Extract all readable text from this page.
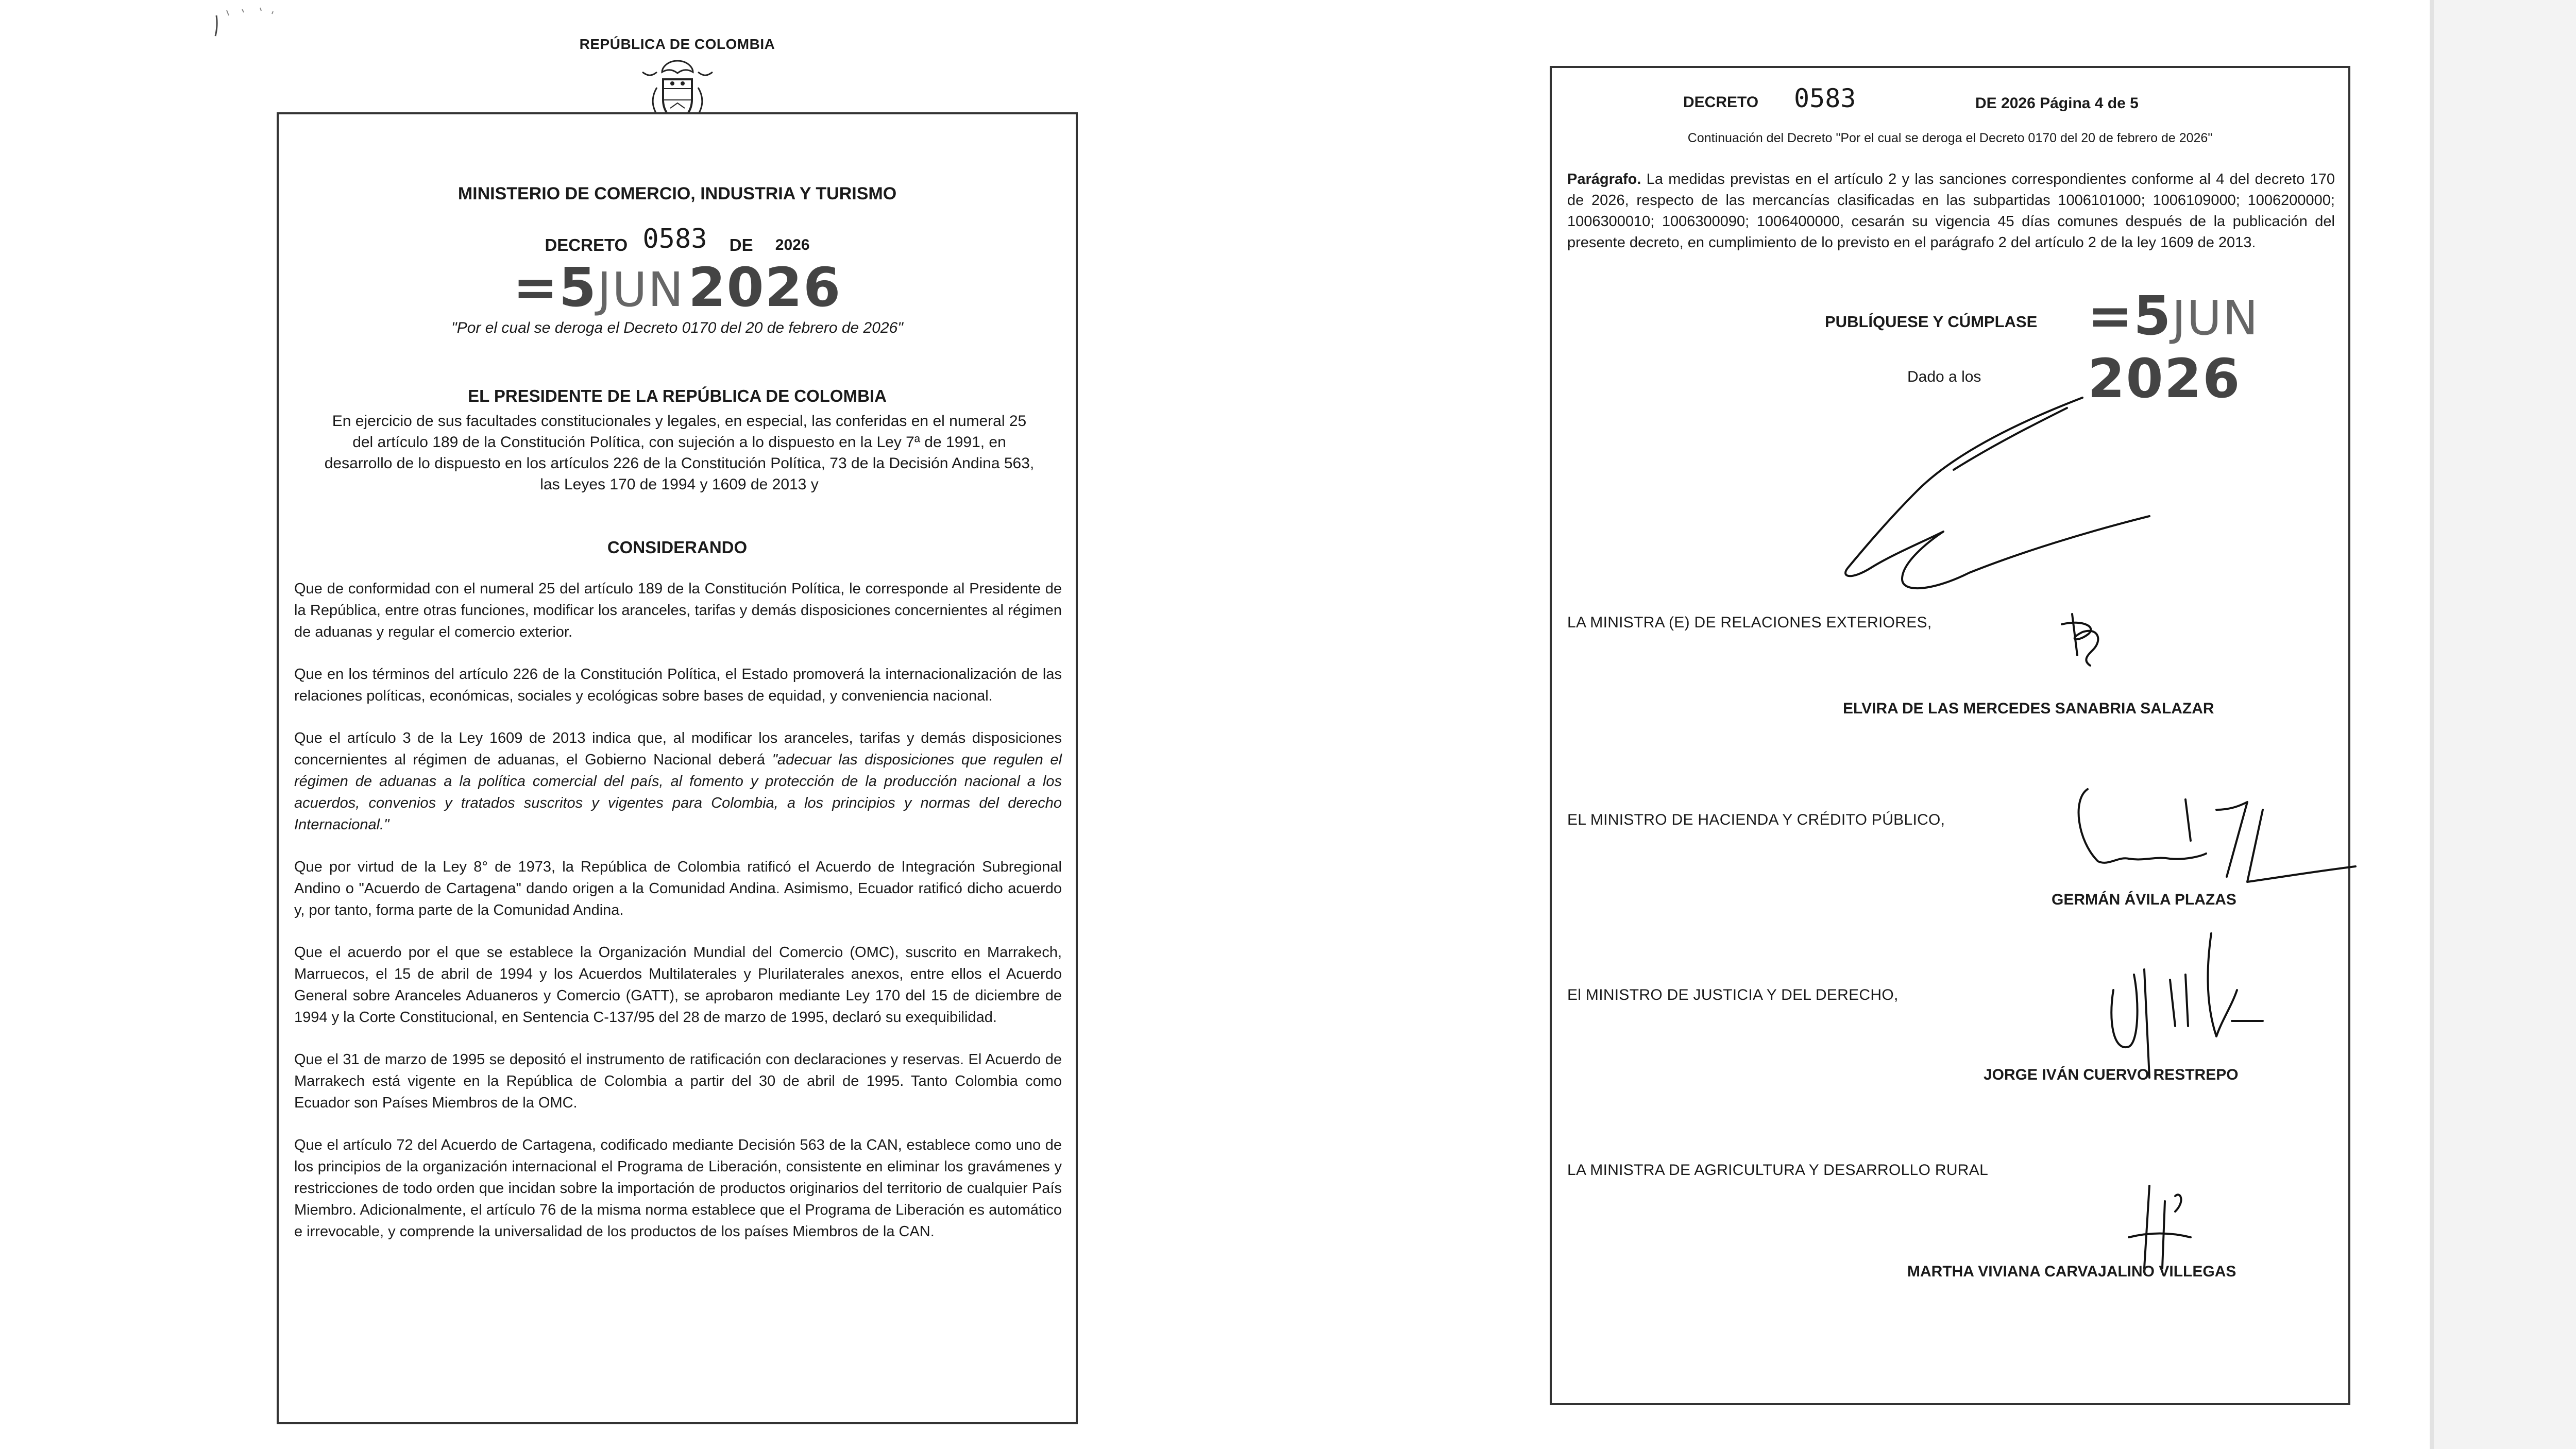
REPÚBLICA DE COLOMBIA
MINISTERIO DE COMERCIO, INDUSTRIA Y TURISMO
DECRETO 0583 DE 2026
=5JUN 2026
"Por el cual se deroga el Decreto 0170 del 20 de febrero de 2026"
EL PRESIDENTE DE LA REPÚBLICA DE COLOMBIA
En ejercicio de sus facultades constitucionales y legales, en especial, las conferidas en el numeral 25 del artículo 189 de la Constitución Política, con sujeción a lo dispuesto en la Ley 7ª de 1991, en desarrollo de lo dispuesto en los artículos 226 de la Constitución Política, 73 de la Decisión Andina 563, las Leyes 170 de 1994 y 1609 de 2013 y
CONSIDERANDO

Que de conformidad con el numeral 25 del artículo 189 de la Constitución Política, le corresponde al Presidente de la República, entre otras funciones, modificar los aranceles, tarifas y demás disposiciones concernientes al régimen de aduanas y regular el comercio exterior.

Que en los términos del artículo 226 de la Constitución Política, el Estado promoverá la internacionalización de las relaciones políticas, económicas, sociales y ecológicas sobre bases de equidad, y conveniencia nacional.

Que el artículo 3 de la Ley 1609 de 2013 indica que, al modificar los aranceles, tarifas y demás disposiciones concernientes al régimen de aduanas, el Gobierno Nacional deberá "adecuar las disposiciones que regulen el régimen de aduanas a la política comercial del país, al fomento y protección de la producción nacional a los acuerdos, convenios y tratados suscritos y vigentes para Colombia, a los principios y normas del derecho Internacional."

Que por virtud de la Ley 8° de 1973, la República de Colombia ratificó el Acuerdo de Integración Subregional Andino o "Acuerdo de Cartagena" dando origen a la Comunidad Andina. Asimismo, Ecuador ratificó dicho acuerdo y, por tanto, forma parte de la Comunidad Andina.

Que el acuerdo por el que se establece la Organización Mundial del Comercio (OMC), suscrito en Marrakech, Marruecos, el 15 de abril de 1994 y los Acuerdos Multilaterales y Plurilaterales anexos, entre ellos el Acuerdo General sobre Aranceles Aduaneros y Comercio (GATT), se aprobaron mediante Ley 170 del 15 de diciembre de 1994 y la Corte Constitucional, en Sentencia C-137/95 del 28 de marzo de 1995, declaró su exequibilidad.

Que el 31 de marzo de 1995 se depositó el instrumento de ratificación con declaraciones y reservas. El Acuerdo de Marrakech está vigente en la República de Colombia a partir del 30 de abril de 1995. Tanto Colombia como Ecuador son Países Miembros de la OMC.

Que el artículo 72 del Acuerdo de Cartagena, codificado mediante Decisión 563 de la CAN, establece como uno de los principios de la organización internacional el Programa de Liberación, consistente en eliminar los gravámenes y restricciones de todo orden que incidan sobre la importación de productos originarios del territorio de cualquier País Miembro. Adicionalmente, el artículo 76 de la misma norma establece que el Programa de Liberación es automático e irrevocable, y comprende la universalidad de los productos de los países Miembros de la CAN.

DECRETO 0583	DE 2026 Página 4 de 5
Continuación del Decreto "Por el cual se deroga el Decreto 0170 del 20 de febrero de 2026"
Parágrafo. La medidas previstas en el artículo 2 y las sanciones correspondientes conforme al 4 del decreto 170 de 2026, respecto de las mercancías clasificadas en las subpartidas 1006101000; 1006109000; 1006200000; 1006300010; 1006300090; 1006400000, cesarán su vigencia 45 días comunes después de la publicación del presente decreto, en cumplimiento de lo previsto en el parágrafo 2 del artículo 2 de la ley 1609 de 2013.
PUBLÍQUESE Y CÚMPLASE =5JUN 2026
Dado a los
LA MINISTRA (E) DE RELACIONES EXTERIORES,
ELVIRA DE LAS MERCEDES SANABRIA SALAZAR
EL MINISTRO DE HACIENDA Y CRÉDITO PÚBLICO,
GERMÁN ÁVILA PLAZAS
El MINISTRO DE JUSTICIA Y DEL DERECHO,
JORGE IVÁN CUERVO RESTREPO
LA MINISTRA DE AGRICULTURA Y DESARROLLO RURAL
MARTHA VIVIANA CARVAJALINO VILLEGAS
